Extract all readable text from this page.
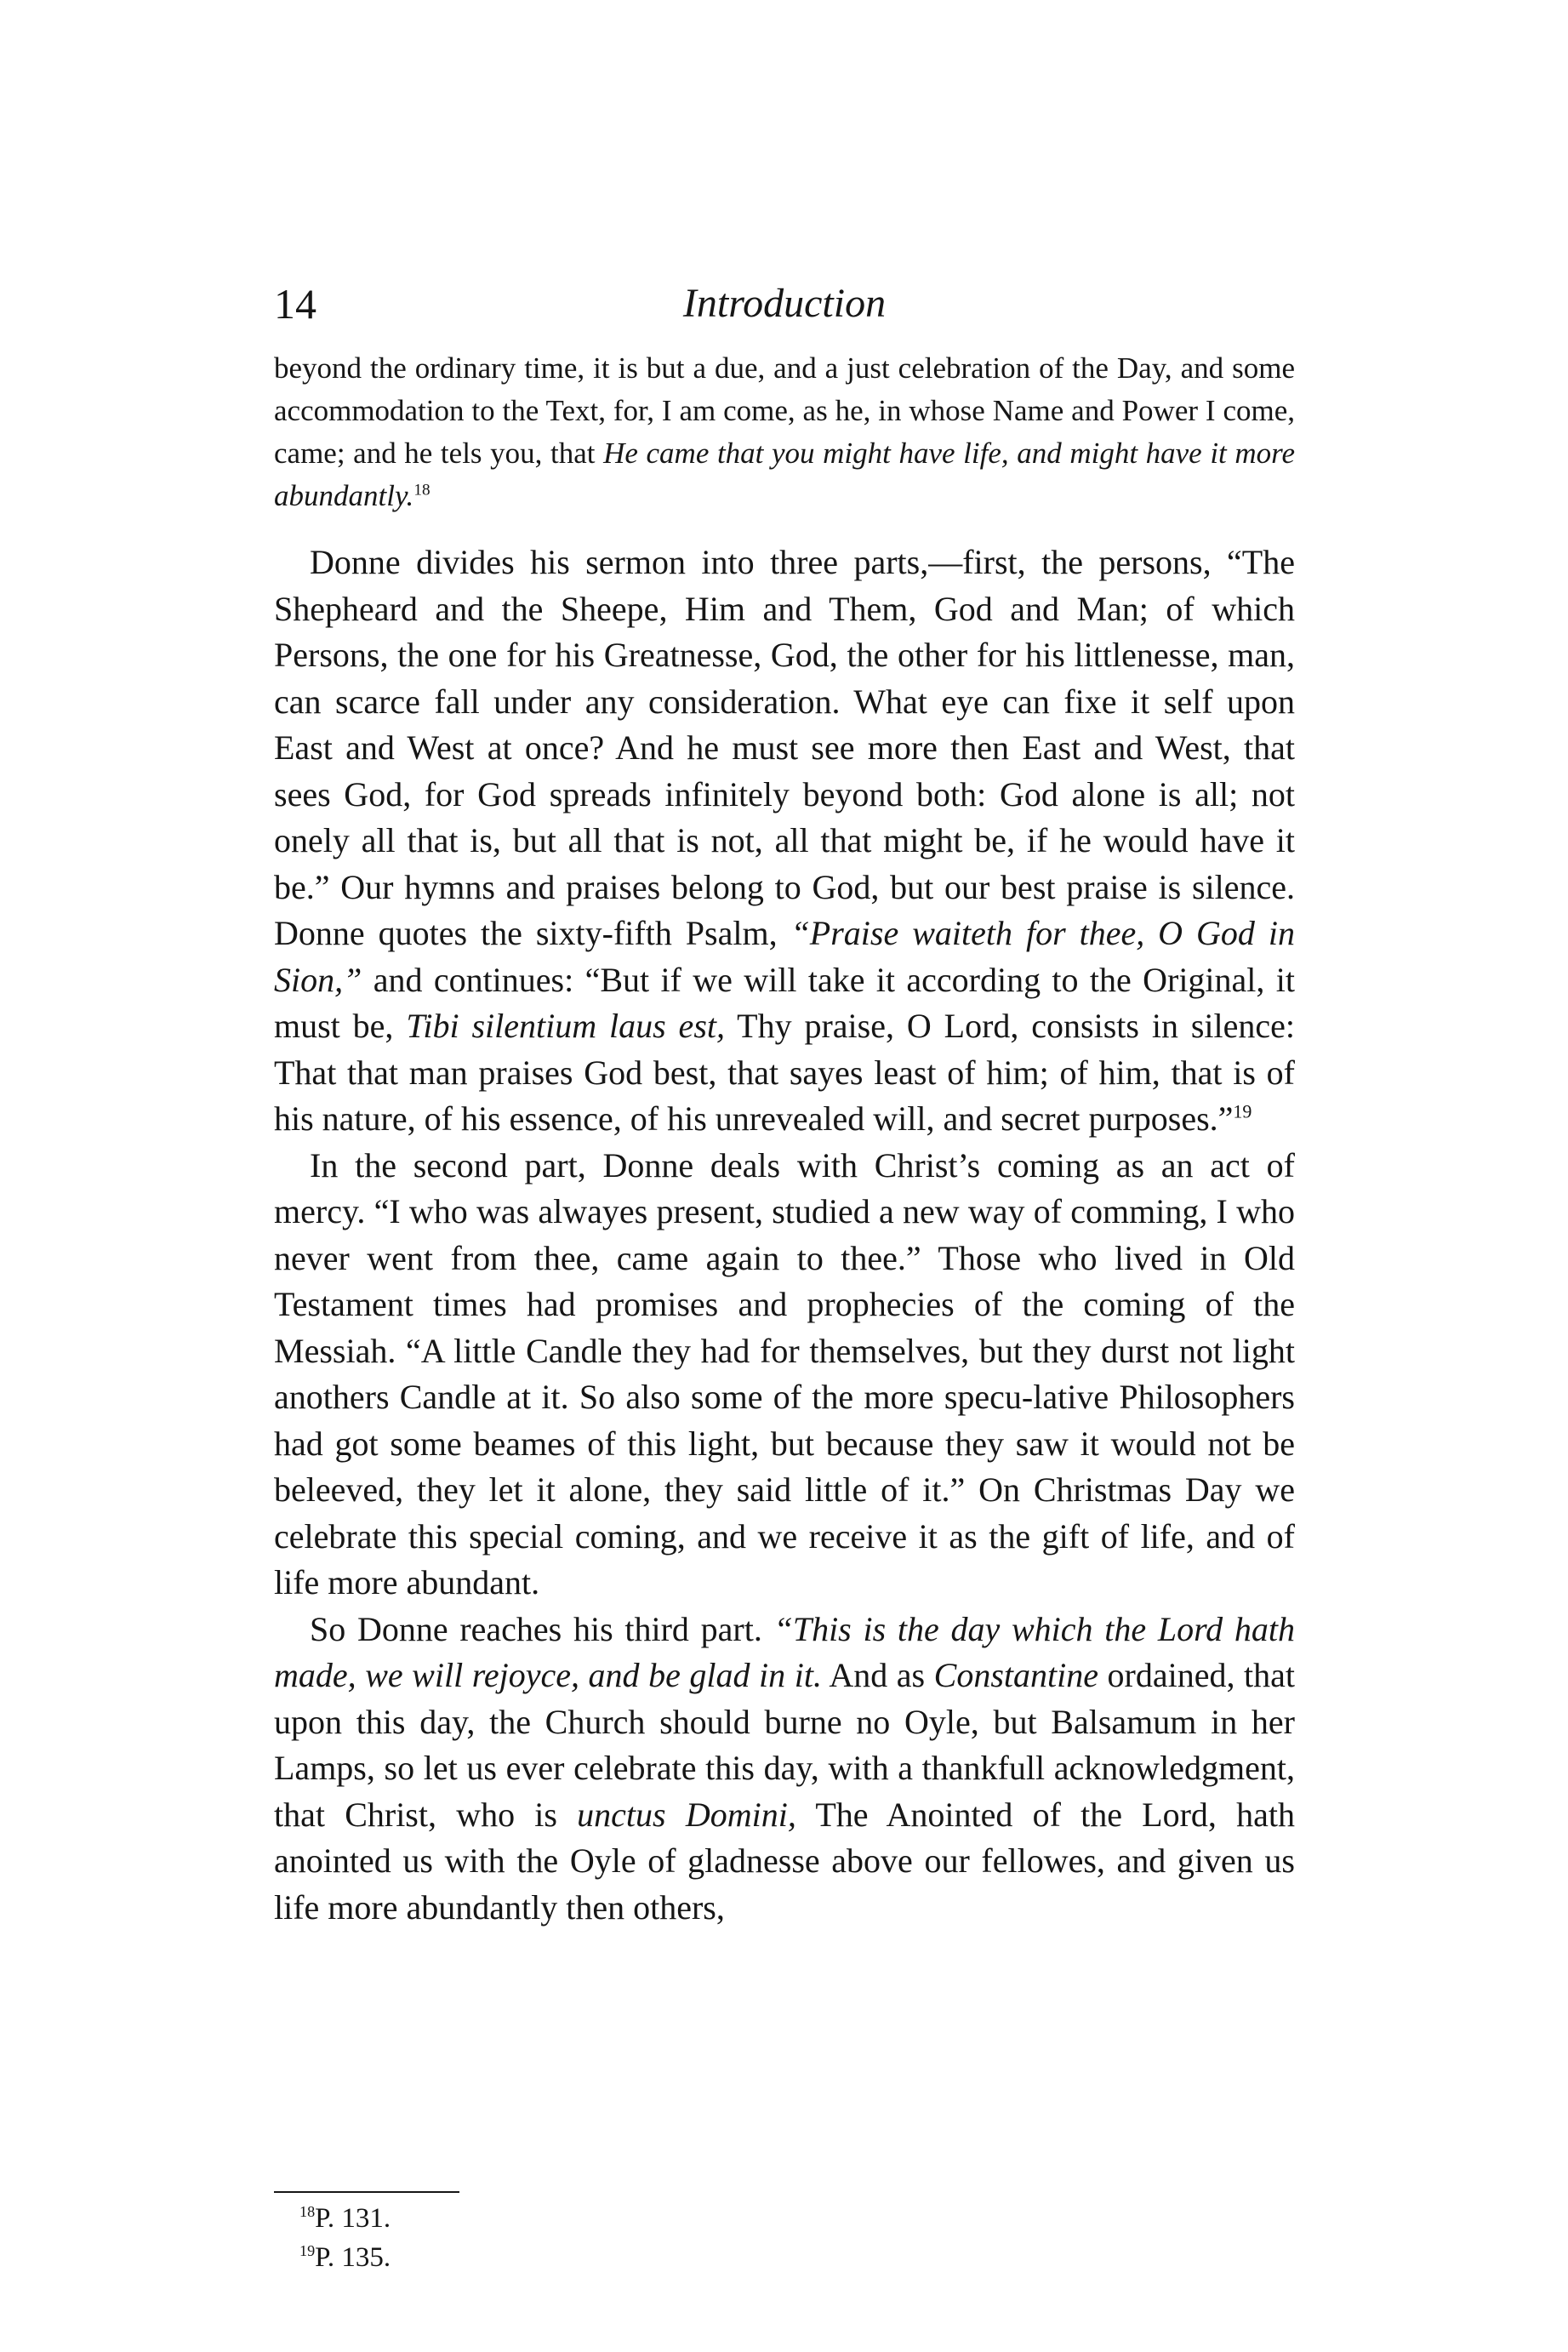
14	Introduction

beyond the ordinary time, it is but a due, and a just celebration of the Day, and some accommodation to the Text, for, I am come, as he, in whose Name and Power I come, came; and he tels you, that He came that you might have life, and might have it more abundantly.$^{18}$

Donne divides his sermon into three parts,—first, the persons, “The Shepheard and the Sheepe, Him and Them, God and Man; of which Persons, the one for his Greatnesse, God, the other for his littlenesse, man, can scarce fall under any consideration. What eye can fixe it self upon East and West at once? And he must see more then East and West, that sees God, for God spreads infinitely beyond both: God alone is all; not onely all that is, but all that is not, all that might be, if he would have it be.” Our hymns and praises belong to God, but our best praise is silence. Donne quotes the sixty-fifth Psalm, “Praise waiteth for thee, O God in Sion,” and continues: “But if we will take it according to the Original, it must be, Tibi silentium laus est, Thy praise, O Lord, consists in silence: That that man praises God best, that sayes least of him; of him, that is of his nature, of his essence, of his unrevealed will, and secret purposes.”$^{19}$

In the second part, Donne deals with Christ’s coming as an act of mercy. “I who was alwayes present, studied a new way of comming, I who never went from thee, came again to thee.” Those who lived in Old Testament times had promises and prophecies of the coming of the Messiah. “A little Candle they had for themselves, but they durst not light anothers Candle at it. So also some of the more specu-lative Philosophers had got some beames of this light, but because they saw it would not be beleeved, they let it alone, they said little of it.” On Christmas Day we celebrate this special coming, and we receive it as the gift of life, and of life more abundant.

So Donne reaches his third part. “This is the day which the Lord hath made, we will rejoyce, and be glad in it. And as Constantine ordained, that upon this day, the Church should burne no Oyle, but Balsamum in her Lamps, so let us ever celebrate this day, with a thankfull acknowledgment, that Christ, who is unctus Domini, The Anointed of the Lord, hath anointed us with the Oyle of gladnesse above our fellowes, and given us life more abundantly then others,

$^{18}$P. 131.
$^{19}$P. 135.
